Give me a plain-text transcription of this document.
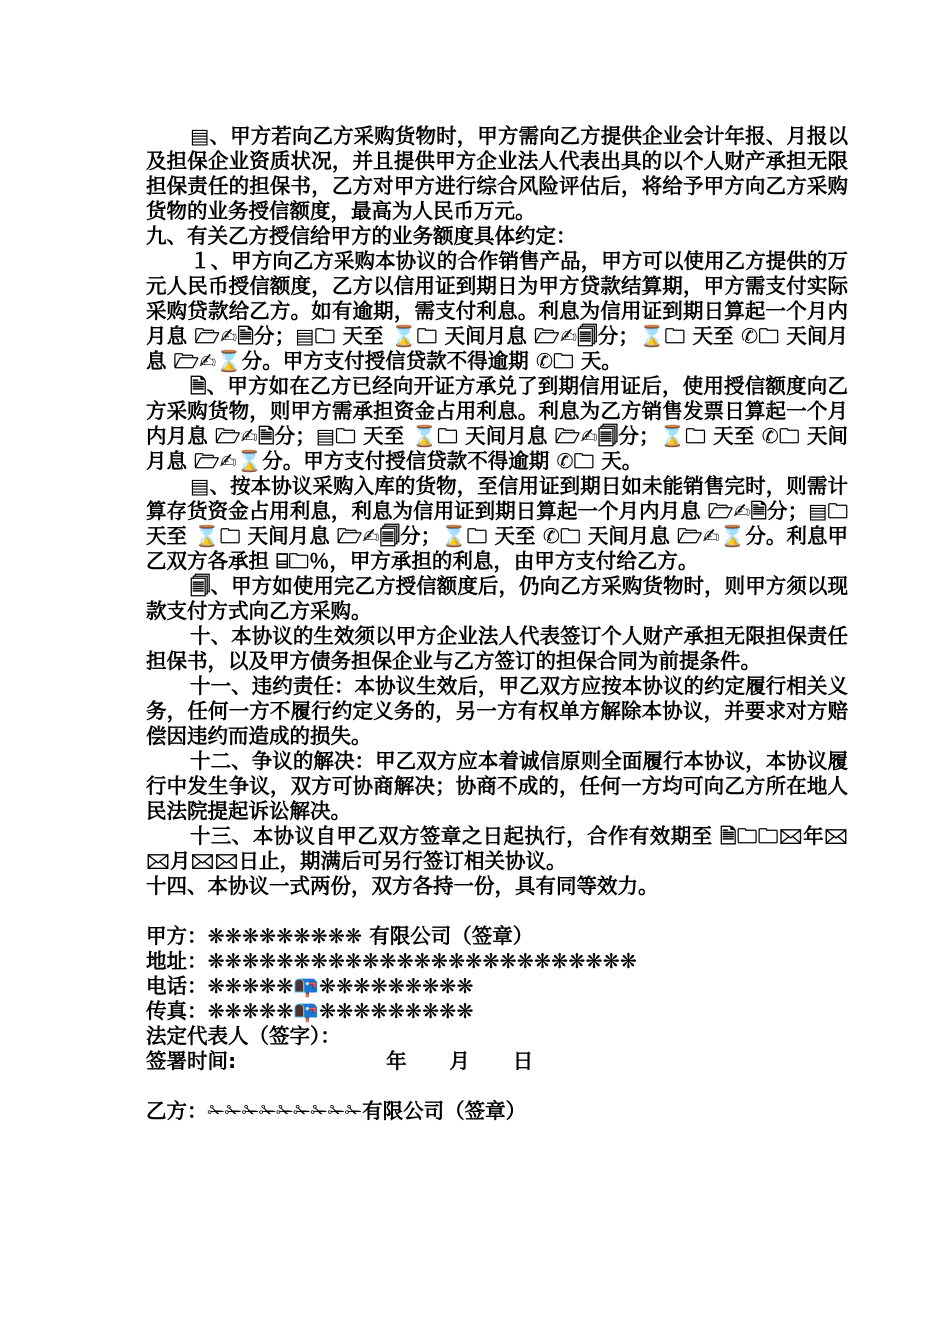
▤、甲方若向乙方采购货物时，甲方需向乙方提供企业会计年报、月报以及担保企业资质状况，并且提供甲方企业法人代表出具的以个人财产承担无限担保责任的担保书，乙方对甲方进行综合风险评估后，将给予甲方向乙方采购货物的业务授信额度，最高为人民币万元。

九、有关乙方授信给甲方的业务额度具体约定：

１、甲方向乙方采购本协议的合作销售产品，甲方可以使用乙方提供的万元人民币授信额度，乙方以信用证到期日为甲方贷款结算期，甲方需支付实际采购贷款给乙方。如有逾期，需支付利息。利息为信用证到期日算起一个月内月息 🗁✍🗎分；▤🗀 天至 ⌛🗀 天间月息 🗁✍🗐分；⌛🗀 天至 ✆🗀 天间月息 🗁✍⌛分。甲方支付授信贷款不得逾期 ✆🗀 天。

🗎、甲方如在乙方已经向开证方承兑了到期信用证后，使用授信额度向乙方采购货物，则甲方需承担资金占用利息。利息为乙方销售发票日算起一个月内月息 🗁✍🗎分；▤🗀 天至 ⌛🗀 天间月息 🗁✍🗐分；⌛🗀 天至 ✆🗀 天间月息 🗁✍⌛分。甲方支付授信贷款不得逾期 ✆🗀 天。

▤、按本协议采购入库的货物，至信用证到期日如未能销售完时，则需计算存货资金占用利息，利息为信用证到期日算起一个月内月息 🗁✍🗎分；▤🗀 天至 ⌛🗀 天间月息 🗁✍🗐分；⌛🗀 天至 ✆🗀 天间月息 🗁✍⌛分。利息甲乙双方各承担 ⌸🗀％，甲方承担的利息，由甲方支付给乙方。

🗐、甲方如使用完乙方授信额度后，仍向乙方采购货物时，则甲方须以现款支付方式向乙方采购。

十、本协议的生效须以甲方企业法人代表签订个人财产承担无限担保责任担保书，以及甲方债务担保企业与乙方签订的担保合同为前提条件。

十一、违约责任：本协议生效后，甲乙双方应按本协议的约定履行相关义务，任何一方不履行约定义务的，另一方有权单方解除本协议，并要求对方赔偿因违约而造成的损失。

十二、争议的解决：甲乙双方应本着诚信原则全面履行本协议，本协议履行中发生争议，双方可协商解决；协商不成的，任何一方均可向乙方所在地人民法院提起诉讼解决。

十三、本协议自甲乙双方签章之日起执行，合作有效期至 🗎🗀🗀🖂年🖂🖂月🖂🖂日止，期满后可另行签订相关协议。

十四、本协议一式两份，双方各持一份，具有同等效力。

甲方：❋❋❋❋❋❋❋❋❋ 有限公司（签章）

地址：❋❋❋❋❋❋❋❋❋❋❋❋❋❋❋❋❋❋❋❋❋❋❋❋❋

电话：❋❋❋❋❋📭❋❋❋❋❋❋❋❋❋

传真：❋❋❋❋❋📭❋❋❋❋❋❋❋❋❋

法定代表人（签字）：

签署时间:                     年      月      日

乙方：✁✁✁✁✁✁✁✁✁有限公司（签章）
